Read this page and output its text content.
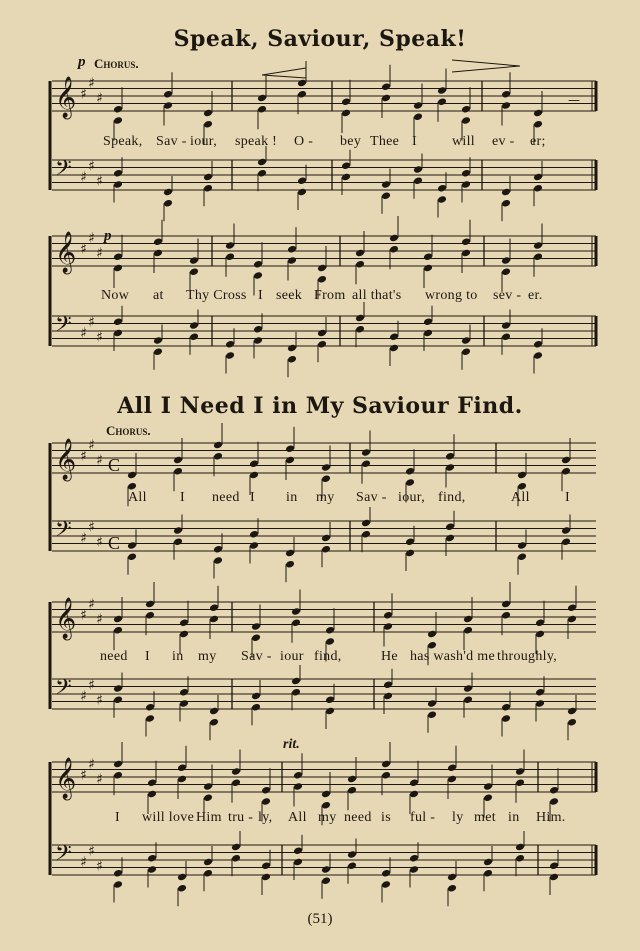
𝄞
𝄢
♯
♯
♯
♯
♯
♯
—
𝄞
𝄢
♯
♯
♯
♯
♯
♯
𝄞
𝄢
♯
♯
♯
♯
♯
♯
C
C
𝄞
𝄢
♯
♯
♯
♯
♯
♯
𝄞
𝄢
♯
♯
♯
♯
♯
♯
Speak, Saviour, Speak!
p Chorus.
Speak, Sav - iour, speak ! O - bey Thee I	will ev - er;
p
Now at Thy Cross I seek From all that's wrong to sev - er.
All I Need I in My Saviour Find.
Chorus.
All I need I in my Sav - iour, find,	All	I
need I in my Sav - iour find,	He has wash'd me throughly,
rit.
I will love Him tru - ly, All my need is ful - ly met in Him.
(51)
